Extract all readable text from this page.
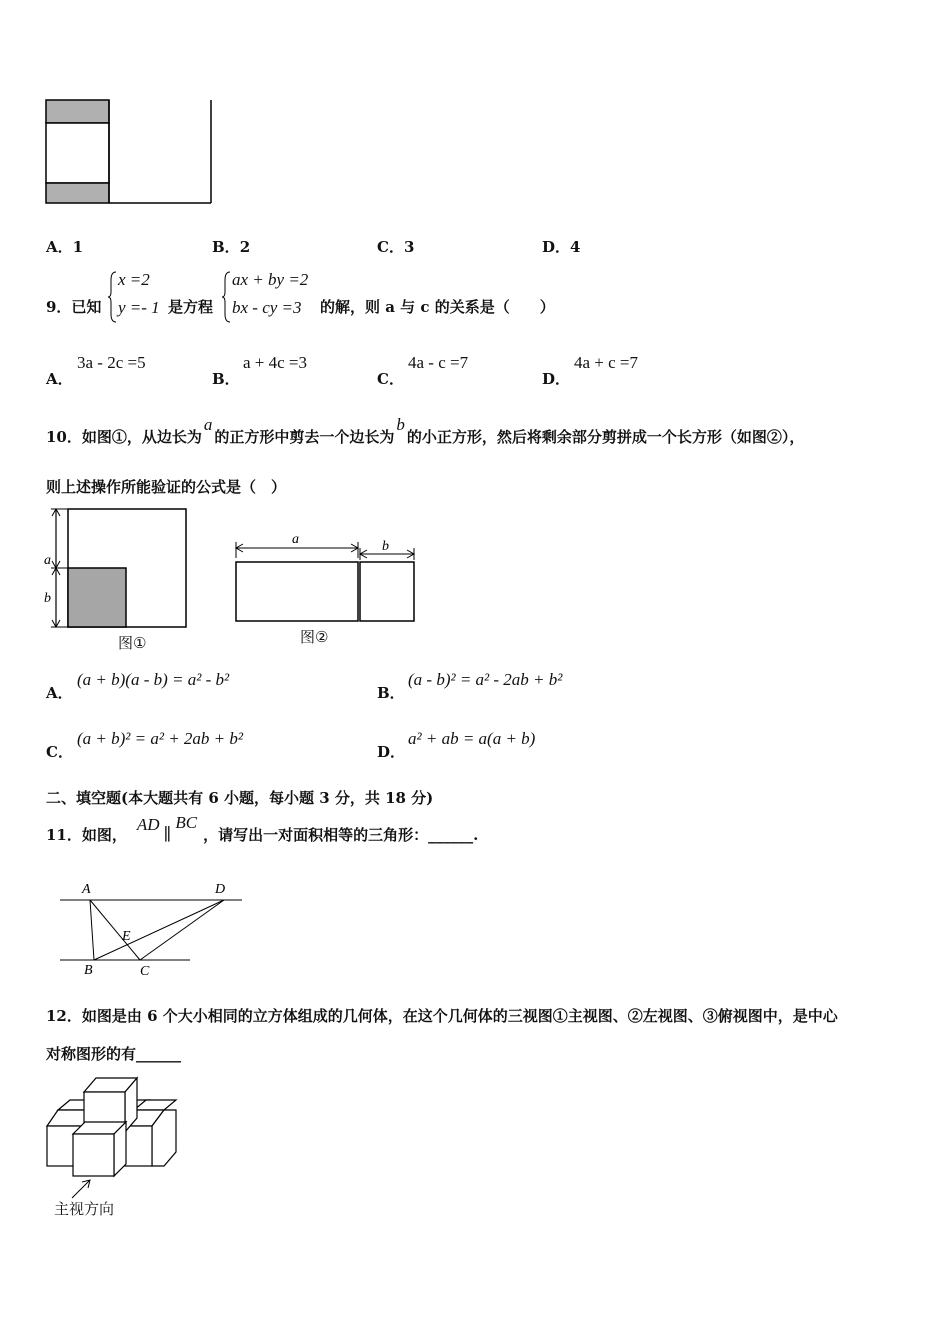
A．1	B．2	C．3	D．4
9．已知
x =2
y =- 1 是方程
ax + by =2
bx - cy =3 的解，则 a 与 c 的关系是（　　）
A．
3a - 2c =5
B．
a + 4c =3
C．
4a - c =7
D．
4a + c =7
10．如图①，从边长为a的正方形中剪去一个边长为b的小正方形，然后将剩余部分剪拼成一个长方形（如图②），
则上述操作所能验证的公式是（　）
a
b
图①
a	b
图②
A．
(a + b)(a - b) = a² - b²
B．
(a - b)² = a² - 2ab + b²
C．
(a + b)² = a² + 2ab + b²
D．
a² + ab = a(a + b)
二、填空题(本大题共有 6 小题，每小题 3 分，共 18 分)
11．如图，AD∥BC，请写出一对面积相等的三角形：______.
A	D
E
B	C
12．如图是由 6 个大小相同的立方体组成的几何体，在这个几何体的三视图①主视图、②左视图、③俯视图中，是中心
对称图形的有______
主视方向
